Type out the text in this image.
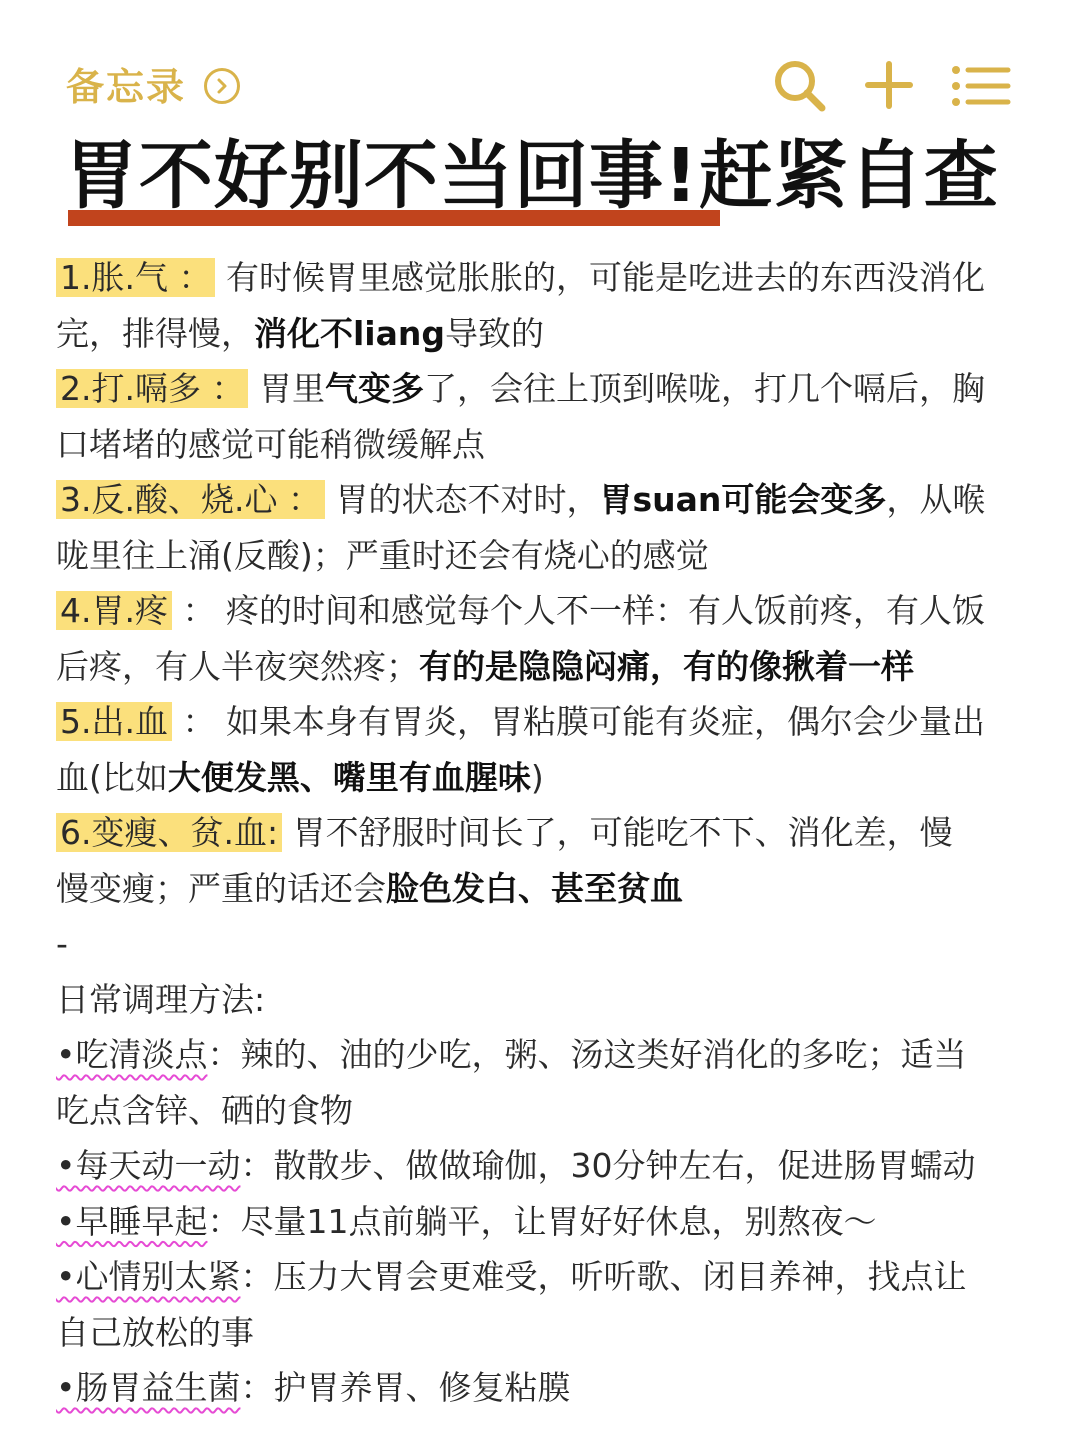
备忘录
胃不好别不当回事!赶紧自查
1.胀.气 ： 有时候胃里感觉胀胀的，可能是吃进去的东西没消化
完，排得慢，消化不liang导致的
2.打.嗝多 ： 胃里气变多了，会往上顶到喉咙，打几个嗝后，胸
口堵堵的感觉可能稍微缓解点
3.反.酸、烧.心 ： 胃的状态不对时，胃suan可能会变多，从喉
咙里往上涌(反酸)；严重时还会有烧心的感觉
4.胃.疼 ： 疼的时间和感觉每个人不一样：有人饭前疼，有人饭
后疼，有人半夜突然疼；有的是隐隐闷痛，有的像揪着一样
5.出.血 ： 如果本身有胃炎，胃粘膜可能有炎症，偶尔会少量出
血(比如大便发黑、嘴里有血腥味)
6.变瘦、贫.血: 胃不舒服时间长了，可能吃不下、消化差，慢
慢变瘦；严重的话还会脸色发白、甚至贫血
-
日常调理方法:
•吃清淡点：辣的、油的少吃，粥、汤这类好消化的多吃；适当
吃点含锌、硒的食物
•每天动一动：散散步、做做瑜伽，30分钟左右，促进肠胃蠕动
•早睡早起：尽量11点前躺平，让胃好好休息，别熬夜～
•心情别太紧：压力大胃会更难受，听听歌、闭目养神，找点让
自己放松的事
•肠胃益生菌：护胃养胃、修复粘膜
